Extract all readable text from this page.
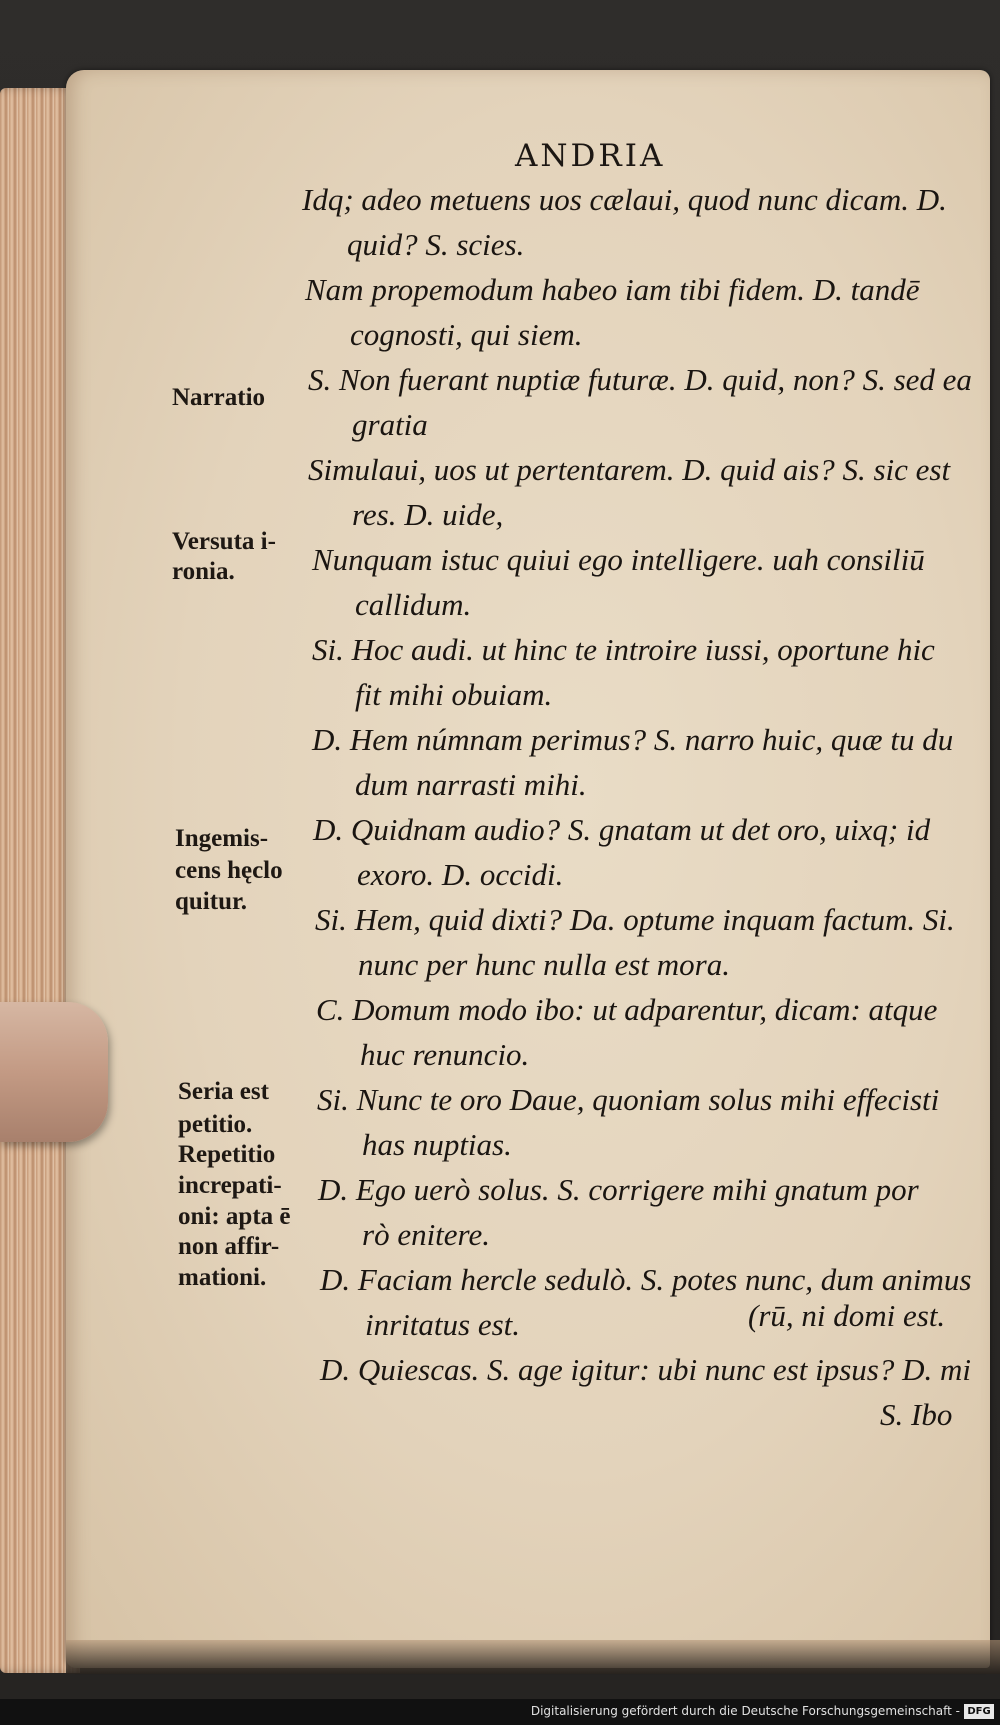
ANDRIA
Idq; adeo metuens uos cælaui, quod nunc dicam. D.
quid? S. scies.
Nam propemodum habeo iam tibi fidem. D. tandē
cognosti, qui siem.
S. Non fuerant nuptiæ futuræ. D. quid, non? S. sed ea
gratia
Simulaui, uos ut pertentarem. D. quid ais? S. sic est
res. D. uide,
Nunquam istuc quiui ego intelligere. uah consiliū
callidum.
Si. Hoc audi. ut hinc te introire iussi, oportune hic
fit mihi obuiam.
D. Hem númnam perimus? S. narro huic, quæ tu du
dum narrasti mihi.
D. Quidnam audio? S. gnatam ut det oro, uixq; id
exoro. D. occidi.
Si. Hem, quid dixti? Da. optume inquam factum. Si.
nunc per hunc nulla est mora.
C. Domum modo ibo: ut adparentur, dicam: atque
huc renuncio.
Si. Nunc te oro Daue, quoniam solus mihi effecisti
has nuptias.
D. Ego uerò solus. S. corrigere mihi gnatum por
rò enitere.
D. Faciam hercle sedulò. S. potes nunc, dum animus
inritatus est.	(rū, ni domi est.
D. Quiescas. S. age igitur: ubi nunc est ipsus? D. mi
S. Ibo
Narratio
Versuta i-
ronia.
Ingemis-
cens hęclo
quitur.
Seria est
petitio.
Repetitio
increpati-
oni: apta ē
non affir-
mationi.
Digitalisierung gefördert durch die Deutsche Forschungsgemeinschaft - DFG
